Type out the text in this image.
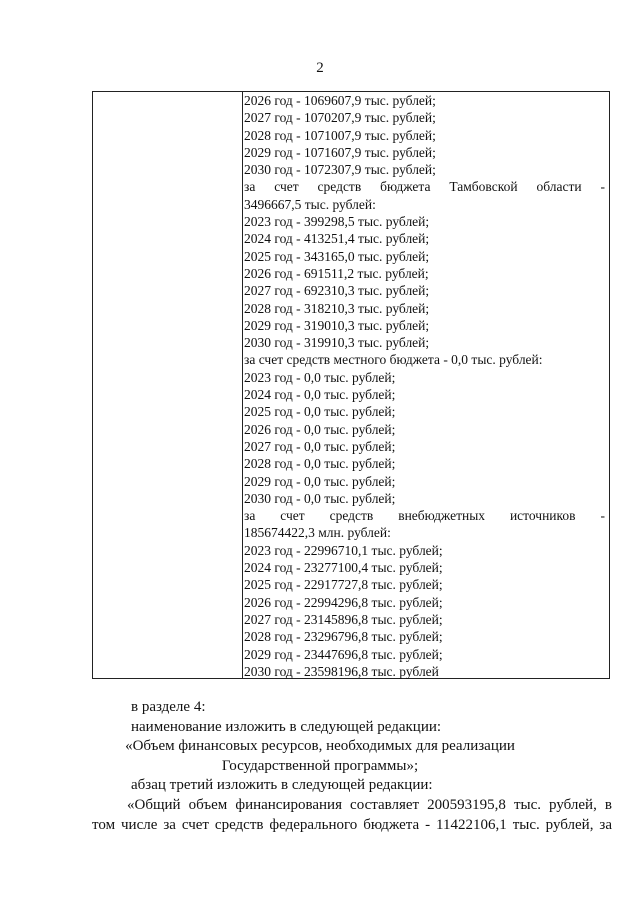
2
2026 год - 1069607,9 тыс. рублей;
2027 год - 1070207,9 тыс. рублей;
2028 год - 1071007,9 тыс. рублей;
2029 год - 1071607,9 тыс. рублей;
2030 год - 1072307,9 тыс. рублей;
за счет средств бюджета Тамбовской области -
3496667,5 тыс. рублей:
2023 год - 399298,5 тыс. рублей;
2024 год - 413251,4 тыс. рублей;
2025 год - 343165,0 тыс. рублей;
2026 год - 691511,2 тыс. рублей;
2027 год - 692310,3 тыс. рублей;
2028 год - 318210,3 тыс. рублей;
2029 год - 319010,3 тыс. рублей;
2030 год - 319910,3 тыс. рублей;
за счет средств местного бюджета - 0,0 тыс. рублей:
2023 год - 0,0 тыс. рублей;
2024 год - 0,0 тыс. рублей;
2025 год - 0,0 тыс. рублей;
2026 год - 0,0 тыс. рублей;
2027 год - 0,0 тыс. рублей;
2028 год - 0,0 тыс. рублей;
2029 год - 0,0 тыс. рублей;
2030 год - 0,0 тыс. рублей;
за счет средств внебюджетных источников -
185674422,3 млн. рублей:
2023 год - 22996710,1 тыс. рублей;
2024 год - 23277100,4 тыс. рублей;
2025 год - 22917727,8 тыс. рублей;
2026 год - 22994296,8 тыс. рублей;
2027 год - 23145896,8 тыс. рублей;
2028 год - 23296796,8 тыс. рублей;
2029 год - 23447696,8 тыс. рублей;
2030 год - 23598196,8 тыс. рублей
в разделе 4:
наименование изложить в следующей редакции:
«Объем финансовых ресурсов, необходимых для реализации
Государственной программы»;
абзац третий изложить в следующей редакции:
«Общий объем финансирования составляет 200593195,8 тыс. рублей, в
том числе за счет средств федерального бюджета - 11422106,1 тыс. рублей, за
